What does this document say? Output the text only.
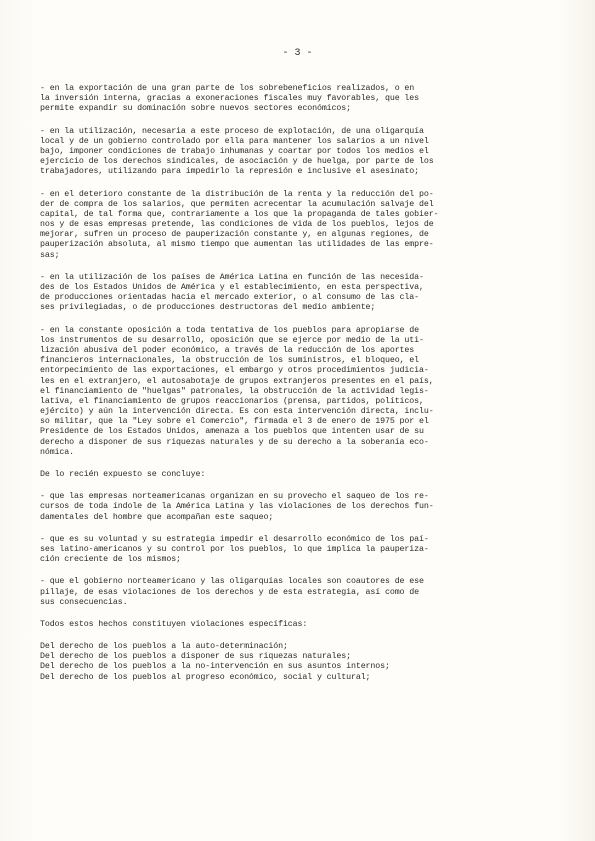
- 3 -
- en la exportación de una gran parte de los sobrebeneficios realizados, o en
la inversión interna, gracias a exoneraciones fiscales muy favorables, que les
permite expandir su dominación sobre nuevos sectores económicos;
- en la utilización, necesaria a este proceso de explotación, de una oligarquía
local y de un gobierno controlado por ella para mantener los salarios a un nivel
bajo, imponer condiciones de trabajo inhumanas y coartar por todos los medios el
ejercicio de los derechos sindicales, de asociación y de huelga, por parte de los
trabajadores, utilizando para impedirlo la represión e inclusive el asesinato;
- en el deterioro constante de la distribución de la renta y la reducción del po-
der de compra de los salarios, que permiten acrecentar la acumulación salvaje del
capital, de tal forma que, contrariamente a los que la propaganda de tales gobier-
nos y de esas empresas pretende, las condiciones de vida de los pueblos, lejos de
mejorar, sufren un proceso de pauperización constante y, en algunas regiones, de
pauperización absoluta, al mismo tiempo que aumentan las utilidades de las empre-
sas;
- en la utilización de los países de América Latina en función de las necesida-
des de los Estados Unidos de América y el establecimiento, en esta perspectiva,
de producciones orientadas hacia el mercado exterior, o al consumo de las cla-
ses privilegiadas, o de producciones destructoras del medio ambiente;
- en la constante oposición a toda tentativa de los pueblos para apropiarse de
los instrumentos de su desarrollo, oposición que se ejerce por medio de la uti-
lización abusiva del poder económico, a través de la reducción de los aportes
financieros internacionales, la obstrucción de los suministros, el bloqueo, el
entorpecimiento de las exportaciones, el embargo y otros procedimientos judicia-
les en el extranjero, el autosabotaje de grupos extranjeros presentes en el país,
el financiamiento de "huelgas" patronales, la obstrucción de la actividad legis-
lativa, el financiamiento de grupos reaccionarios (prensa, partidos, políticos,
ejército) y aún la intervención directa. Es con esta intervención directa, inclu-
so militar, que la "Ley sobre el Comercio", firmada el 3 de enero de 1975 por el
Presidente de los Estados Unidos, amenaza a los pueblos que intenten usar de su
derecho a disponer de sus riquezas naturales y de su derecho a la soberanía eco-
nómica.
De lo recién expuesto se concluye:
- que las empresas norteamericanas organizan en su provecho el saqueo de los re-
cursos de toda índole de la América Latina y las violaciones de los derechos fun-
damentales del hombre que acompañan este saqueo;
- que es su voluntad y su estrategia impedir el desarrollo económico de los paí-
ses latino-americanos y su control por los pueblos, lo que implica la pauperiza-
ción creciente de los mismos;
- que el gobierno norteamericano y las oligarquías locales son coautores de ese
pillaje, de esas violaciones de los derechos y de esta estrategia, así como de
sus consecuencias.
Todos estos hechos constituyen violaciones específicas:
Del derecho de los pueblos a la auto-determinación;
Del derecho de los pueblos a disponer de sus riquezas naturales;
Del derecho de los pueblos a la no-intervención en sus asuntos internos;
Del derecho de los pueblos al progreso económico, social y cultural;
